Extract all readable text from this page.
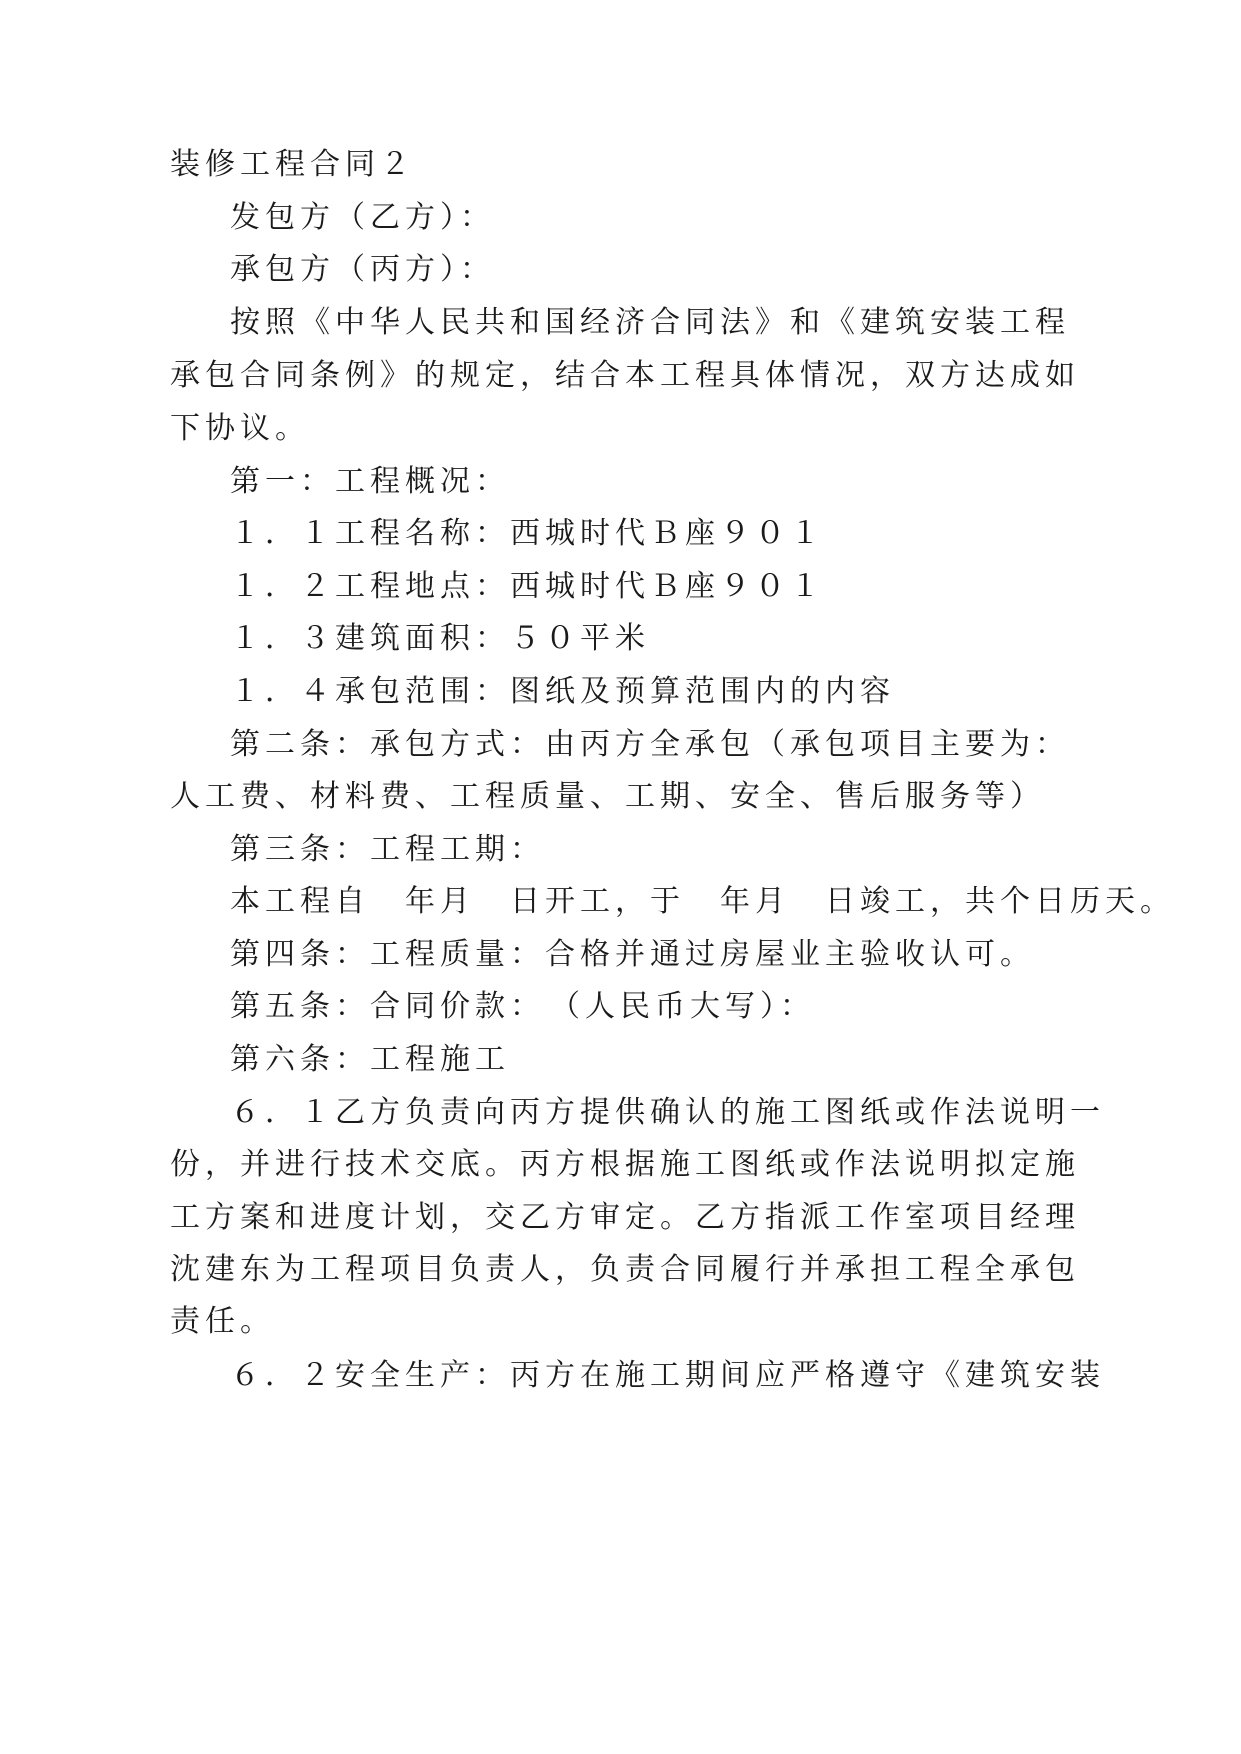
装修工程合同２

发包方（乙方）：

承包方（丙方）：

按照《中华人民共和国经济合同法》和《建筑安装工程

承包合同条例》的规定，结合本工程具体情况，双方达成如

下协议。

第一：工程概况：

１．１工程名称：西城时代Ｂ座９０１

１．２工程地点：西城时代Ｂ座９０１

１．３建筑面积：５０平米

１．４承包范围：图纸及预算范围内的内容

第二条：承包方式：由丙方全承包（承包项目主要为：

人工费、材料费、工程质量、工期、安全、售后服务等）

第三条：工程工期：

本工程自　年月　日开工，于　年月　日竣工，共个日历天。

第四条：工程质量：合格并通过房屋业主验收认可。

第五条：合同价款：　（人民币大写）：

第六条：工程施工

６．１乙方负责向丙方提供确认的施工图纸或作法说明一

份，并进行技术交底。丙方根据施工图纸或作法说明拟定施

工方案和进度计划，交乙方审定。乙方指派工作室项目经理

沈建东为工程项目负责人，负责合同履行并承担工程全承包

责任。

６．２安全生产：丙方在施工期间应严格遵守《建筑安装
